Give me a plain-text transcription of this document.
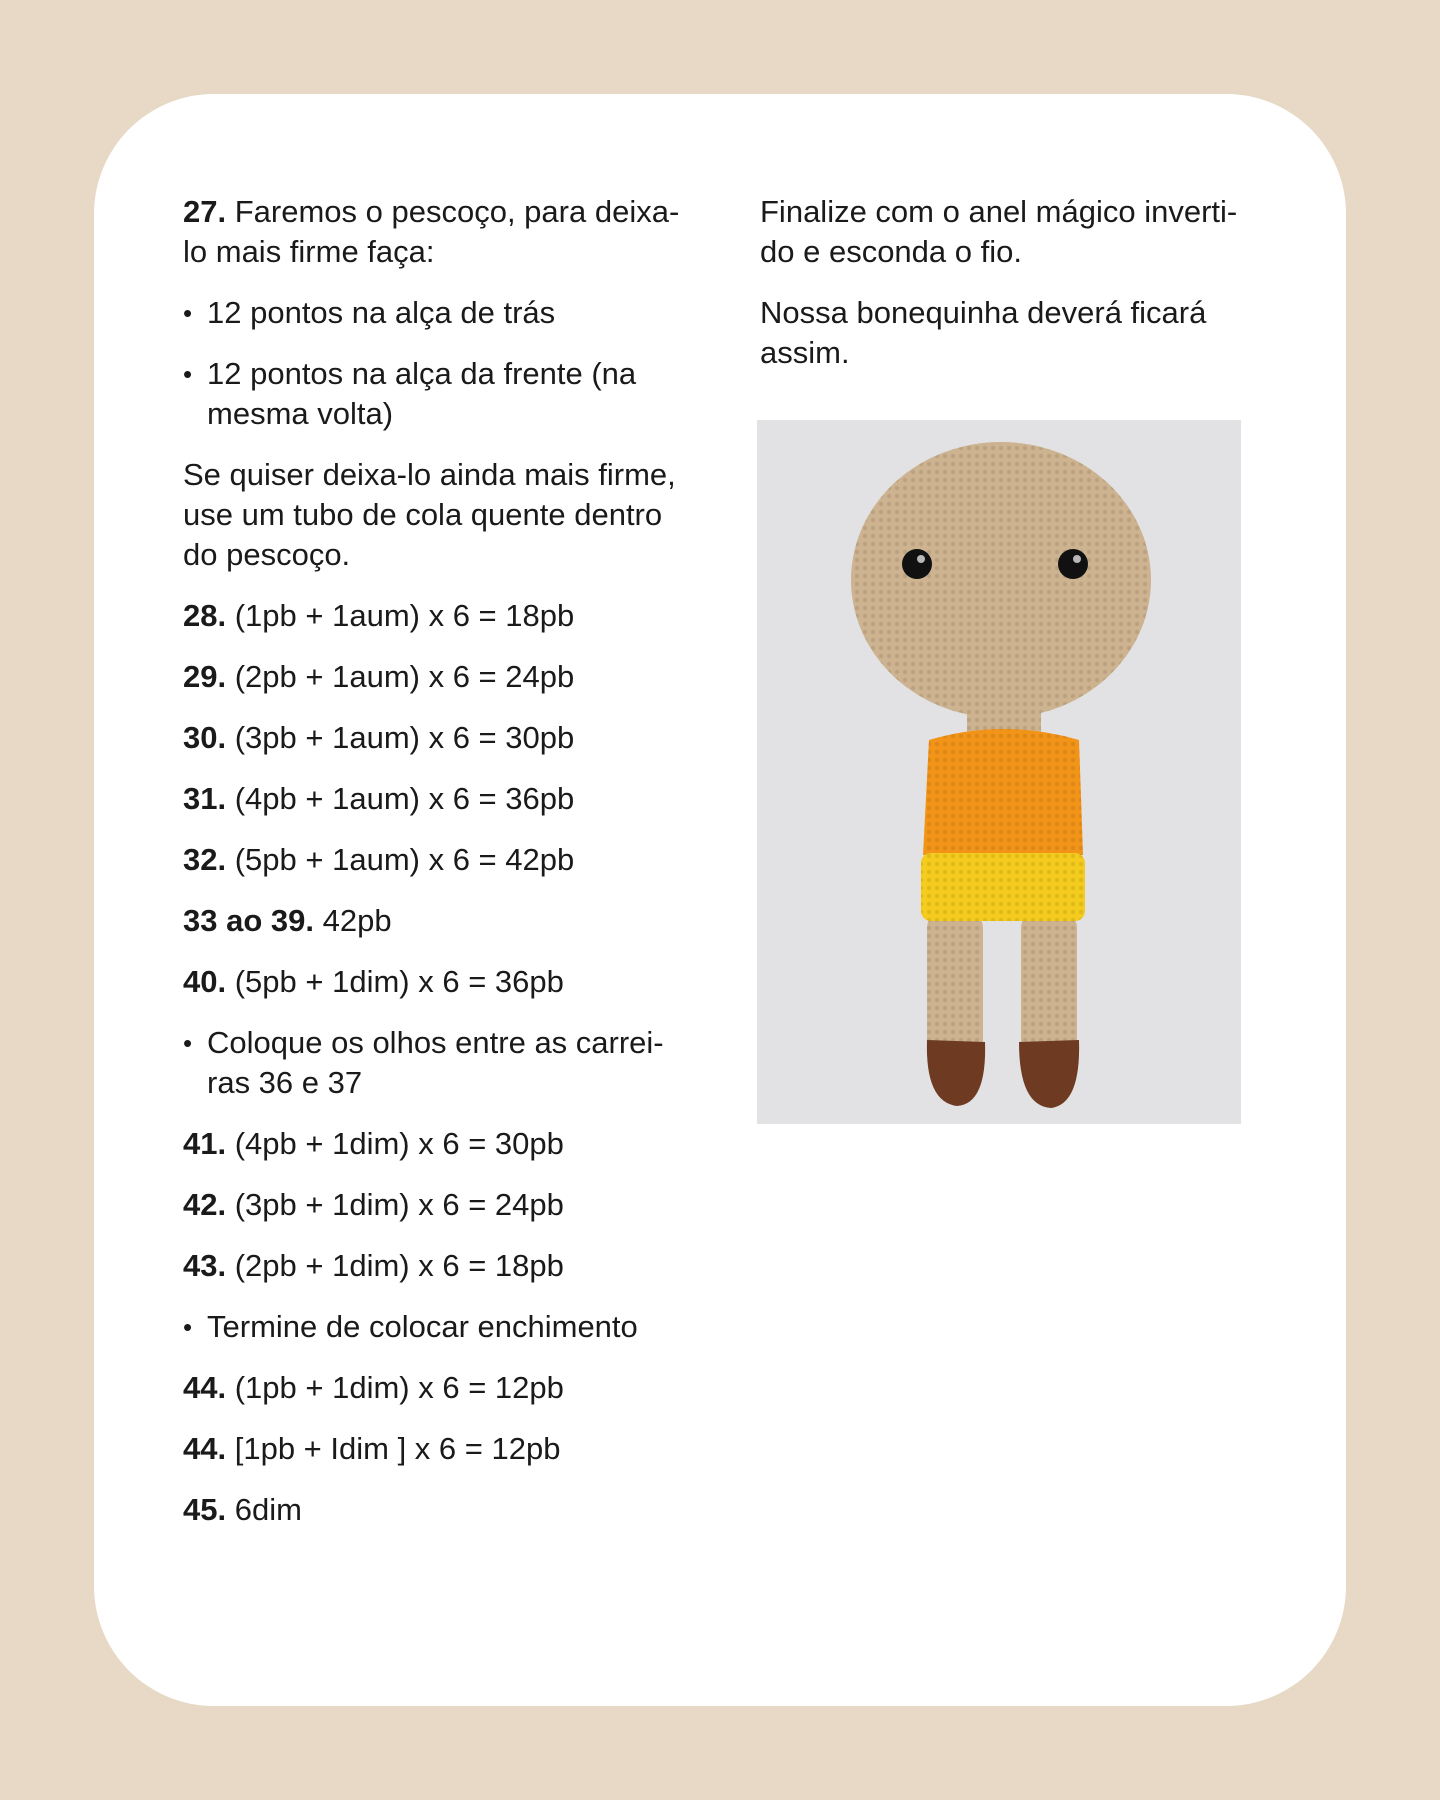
27. Faremos o pescoço, para deixa-lo mais firme faça:

• 12 pontos na alça de trás

• 12 pontos na alça da frente (na mesma volta)

Se quiser deixa-lo ainda mais firme, use um tubo de cola quente dentro do pescoço.

28. (1pb + 1aum) x 6 = 18pb

29. (2pb + 1aum) x 6 = 24pb

30. (3pb + 1aum) x 6 = 30pb

31. (4pb + 1aum) x 6 = 36pb

32. (5pb + 1aum) x 6 = 42pb

33 ao 39. 42pb

40. (5pb + 1dim) x 6 = 36pb

• Coloque os olhos entre as carrei-ras 36 e 37

41. (4pb + 1dim) x 6 = 30pb

42. (3pb + 1dim) x 6 = 24pb

43. (2pb + 1dim) x 6 = 18pb

• Termine de colocar enchimento

44. (1pb + 1dim) x 6 = 12pb

44. [1pb + Idim ] x 6 = 12pb

45. 6dim

Finalize com o anel mágico inverti-do e esconda o fio.

Nossa bonequinha deverá ficará assim.
